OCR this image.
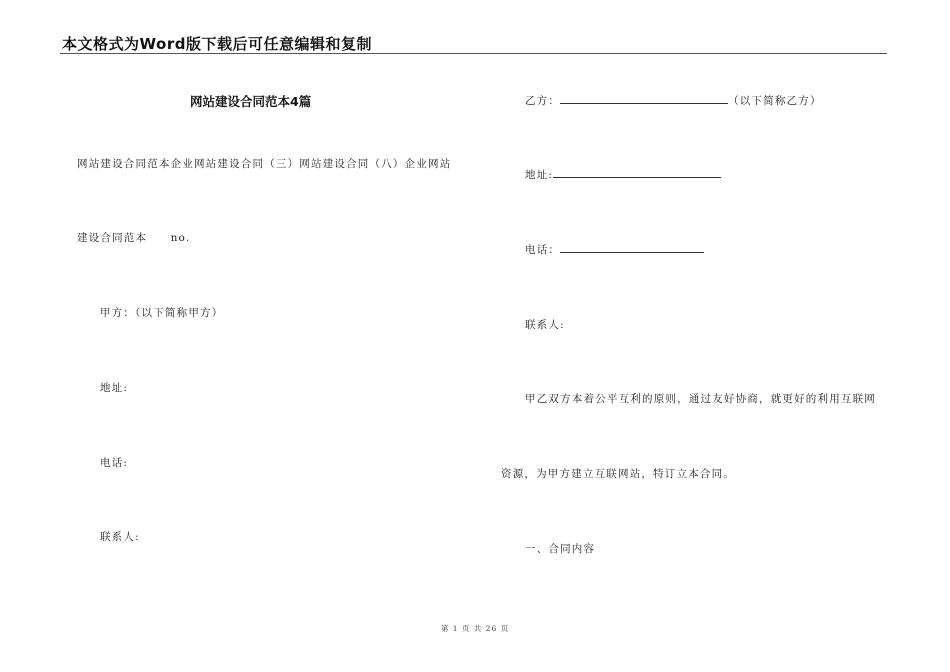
本文格式为Word版下载后可任意编辑和复制
网站建设合同范本4篇
网站建设合同范本企业网站建设合同（三）网站建设合同（八）企业网站
建设合同范本　　no.
甲方：（以下简称甲方）
地址:
电话:
联系人:
乙方：	（以下简称乙方）
地址:
电话：
联系人:
甲乙双方本着公平互利的原则，通过友好协商，就更好的利用互联网
资源，为甲方建立互联网站，特订立本合同。
一、合同内容
第 1 页 共 26 页
